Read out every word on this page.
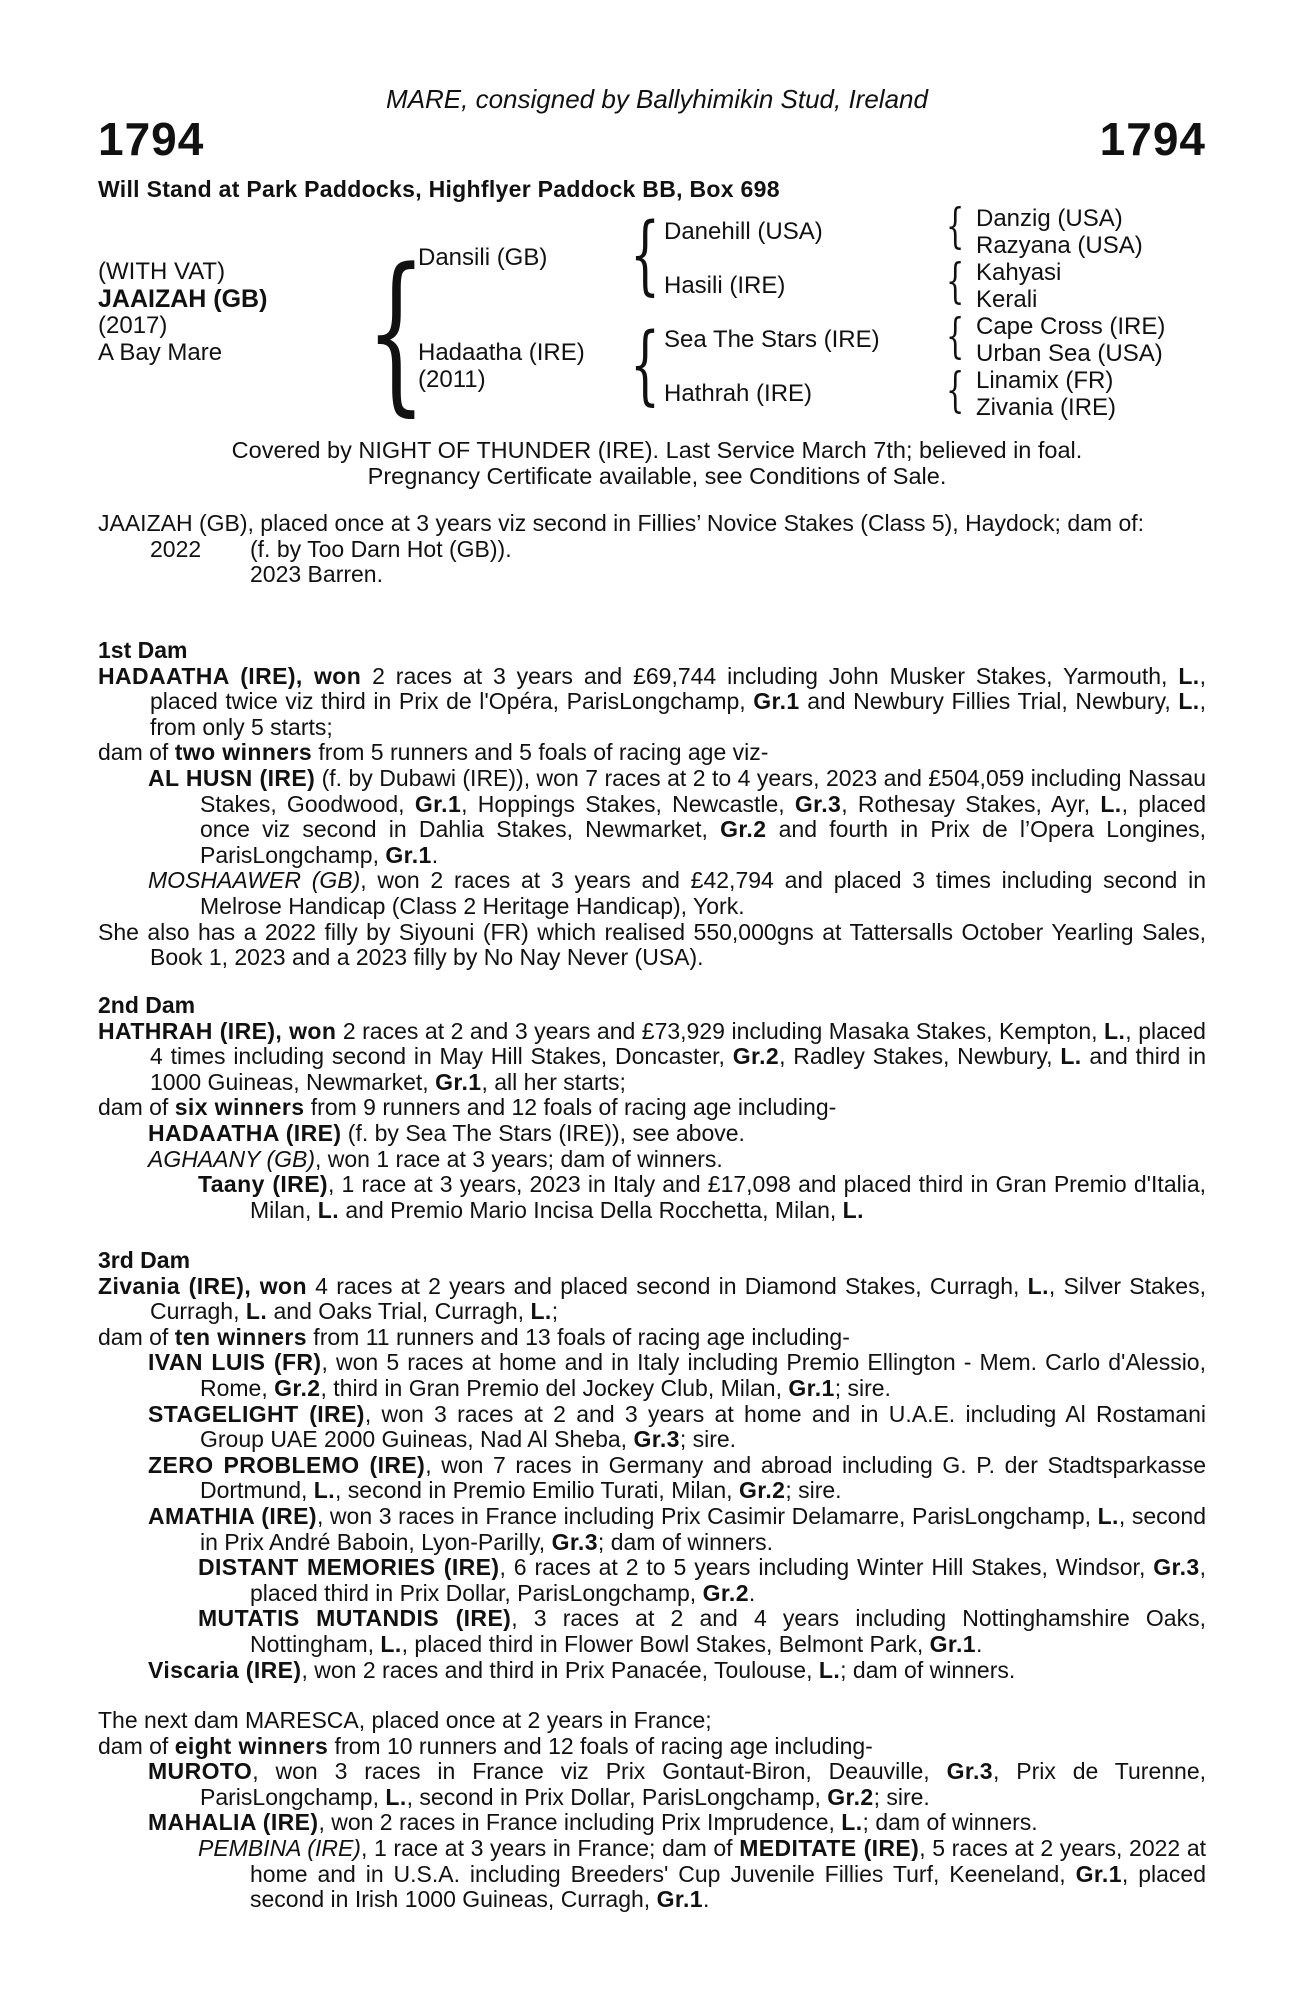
MARE, consigned by Ballyhimikin Stud, Ireland
1794	1794
Will Stand at Park Paddocks, Highflyer Paddock BB, Box 698
(WITH VAT)
JAAIZAH (GB)
(2017)
A Bay Mare {
Dansili (GB)
Hadaatha (IRE)
(2011)
{
{
Danehill (USA)
Hasili (IRE)
Sea The Stars (IRE)
Hathrah (IRE)
{
{
{
{
Danzig (USA)
Razyana (USA)
Kahyasi
Kerali
Cape Cross (IRE)
Urban Sea (USA)
Linamix (FR)
Zivania (IRE)
Covered by NIGHT OF THUNDER (IRE). Last Service March 7th; believed in foal.
Pregnancy Certificate available, see Conditions of Sale.

JAAIZAH (GB), placed once at 3 years viz second in Fillies’ Novice Stakes (Class 5), Haydock; dam of:

2022	(f. by Too Darn Hot (GB)).
2023 Barren.
1st Dam

HADAATHA (IRE), won 2 races at 3 years and £69,744 including John Musker Stakes, Yarmouth, L., placed twice viz third in Prix de l'Opéra, ParisLongchamp, Gr.1 and Newbury Fillies Trial, Newbury, L., from only 5 starts;

dam of two winners from 5 runners and 5 foals of racing age viz-

AL HUSN (IRE) (f. by Dubawi (IRE)), won 7 races at 2 to 4 years, 2023 and £504,059 including Nassau Stakes, Goodwood, Gr.1, Hoppings Stakes, Newcastle, Gr.3, Rothesay Stakes, Ayr, L., placed once viz second in Dahlia Stakes, Newmarket, Gr.2 and fourth in Prix de l’Opera Longines, ParisLongchamp, Gr.1.

MOSHAAWER (GB), won 2 races at 3 years and £42,794 and placed 3 times including second in Melrose Handicap (Class 2 Heritage Handicap), York.

She also has a 2022 filly by Siyouni (FR) which realised 550,000gns at Tattersalls October Yearling Sales, Book 1, 2023 and a 2023 filly by No Nay Never (USA).

2nd Dam

HATHRAH (IRE), won 2 races at 2 and 3 years and £73,929 including Masaka Stakes, Kempton, L., placed 4 times including second in May Hill Stakes, Doncaster, Gr.2, Radley Stakes, Newbury, L. and third in 1000 Guineas, Newmarket, Gr.1, all her starts;

dam of six winners from 9 runners and 12 foals of racing age including-

HADAATHA (IRE) (f. by Sea The Stars (IRE)), see above.

AGHAANY (GB), won 1 race at 3 years; dam of winners.

Taany (IRE), 1 race at 3 years, 2023 in Italy and £17,098 and placed third in Gran Premio d'Italia, Milan, L. and Premio Mario Incisa Della Rocchetta, Milan, L.

3rd Dam

Zivania (IRE), won 4 races at 2 years and placed second in Diamond Stakes, Curragh, L., Silver Stakes, Curragh, L. and Oaks Trial, Curragh, L.;

dam of ten winners from 11 runners and 13 foals of racing age including-

IVAN LUIS (FR), won 5 races at home and in Italy including Premio Ellington - Mem. Carlo d'Alessio, Rome, Gr.2, third in Gran Premio del Jockey Club, Milan, Gr.1; sire.

STAGELIGHT (IRE), won 3 races at 2 and 3 years at home and in U.A.E. including Al Rostamani Group UAE 2000 Guineas, Nad Al Sheba, Gr.3; sire.

ZERO PROBLEMO (IRE), won 7 races in Germany and abroad including G. P. der Stadtsparkasse Dortmund, L., second in Premio Emilio Turati, Milan, Gr.2; sire.

AMATHIA (IRE), won 3 races in France including Prix Casimir Delamarre, ParisLongchamp, L., second in Prix André Baboin, Lyon-Parilly, Gr.3; dam of winners.

DISTANT MEMORIES (IRE), 6 races at 2 to 5 years including Winter Hill Stakes, Windsor, Gr.3, placed third in Prix Dollar, ParisLongchamp, Gr.2.

MUTATIS MUTANDIS (IRE), 3 races at 2 and 4 years including Nottinghamshire Oaks, Nottingham, L., placed third in Flower Bowl Stakes, Belmont Park, Gr.1.

Viscaria (IRE), won 2 races and third in Prix Panacée, Toulouse, L.; dam of winners.

The next dam MARESCA, placed once at 2 years in France;

dam of eight winners from 10 runners and 12 foals of racing age including-

MUROTO, won 3 races in France viz Prix Gontaut-Biron, Deauville, Gr.3, Prix de Turenne, ParisLongchamp, L., second in Prix Dollar, ParisLongchamp, Gr.2; sire.

MAHALIA (IRE), won 2 races in France including Prix Imprudence, L.; dam of winners.

PEMBINA (IRE), 1 race at 3 years in France; dam of MEDITATE (IRE), 5 races at 2 years, 2022 at home and in U.S.A. including Breeders' Cup Juvenile Fillies Turf, Keeneland, Gr.1, placed second in Irish 1000 Guineas, Curragh, Gr.1.
